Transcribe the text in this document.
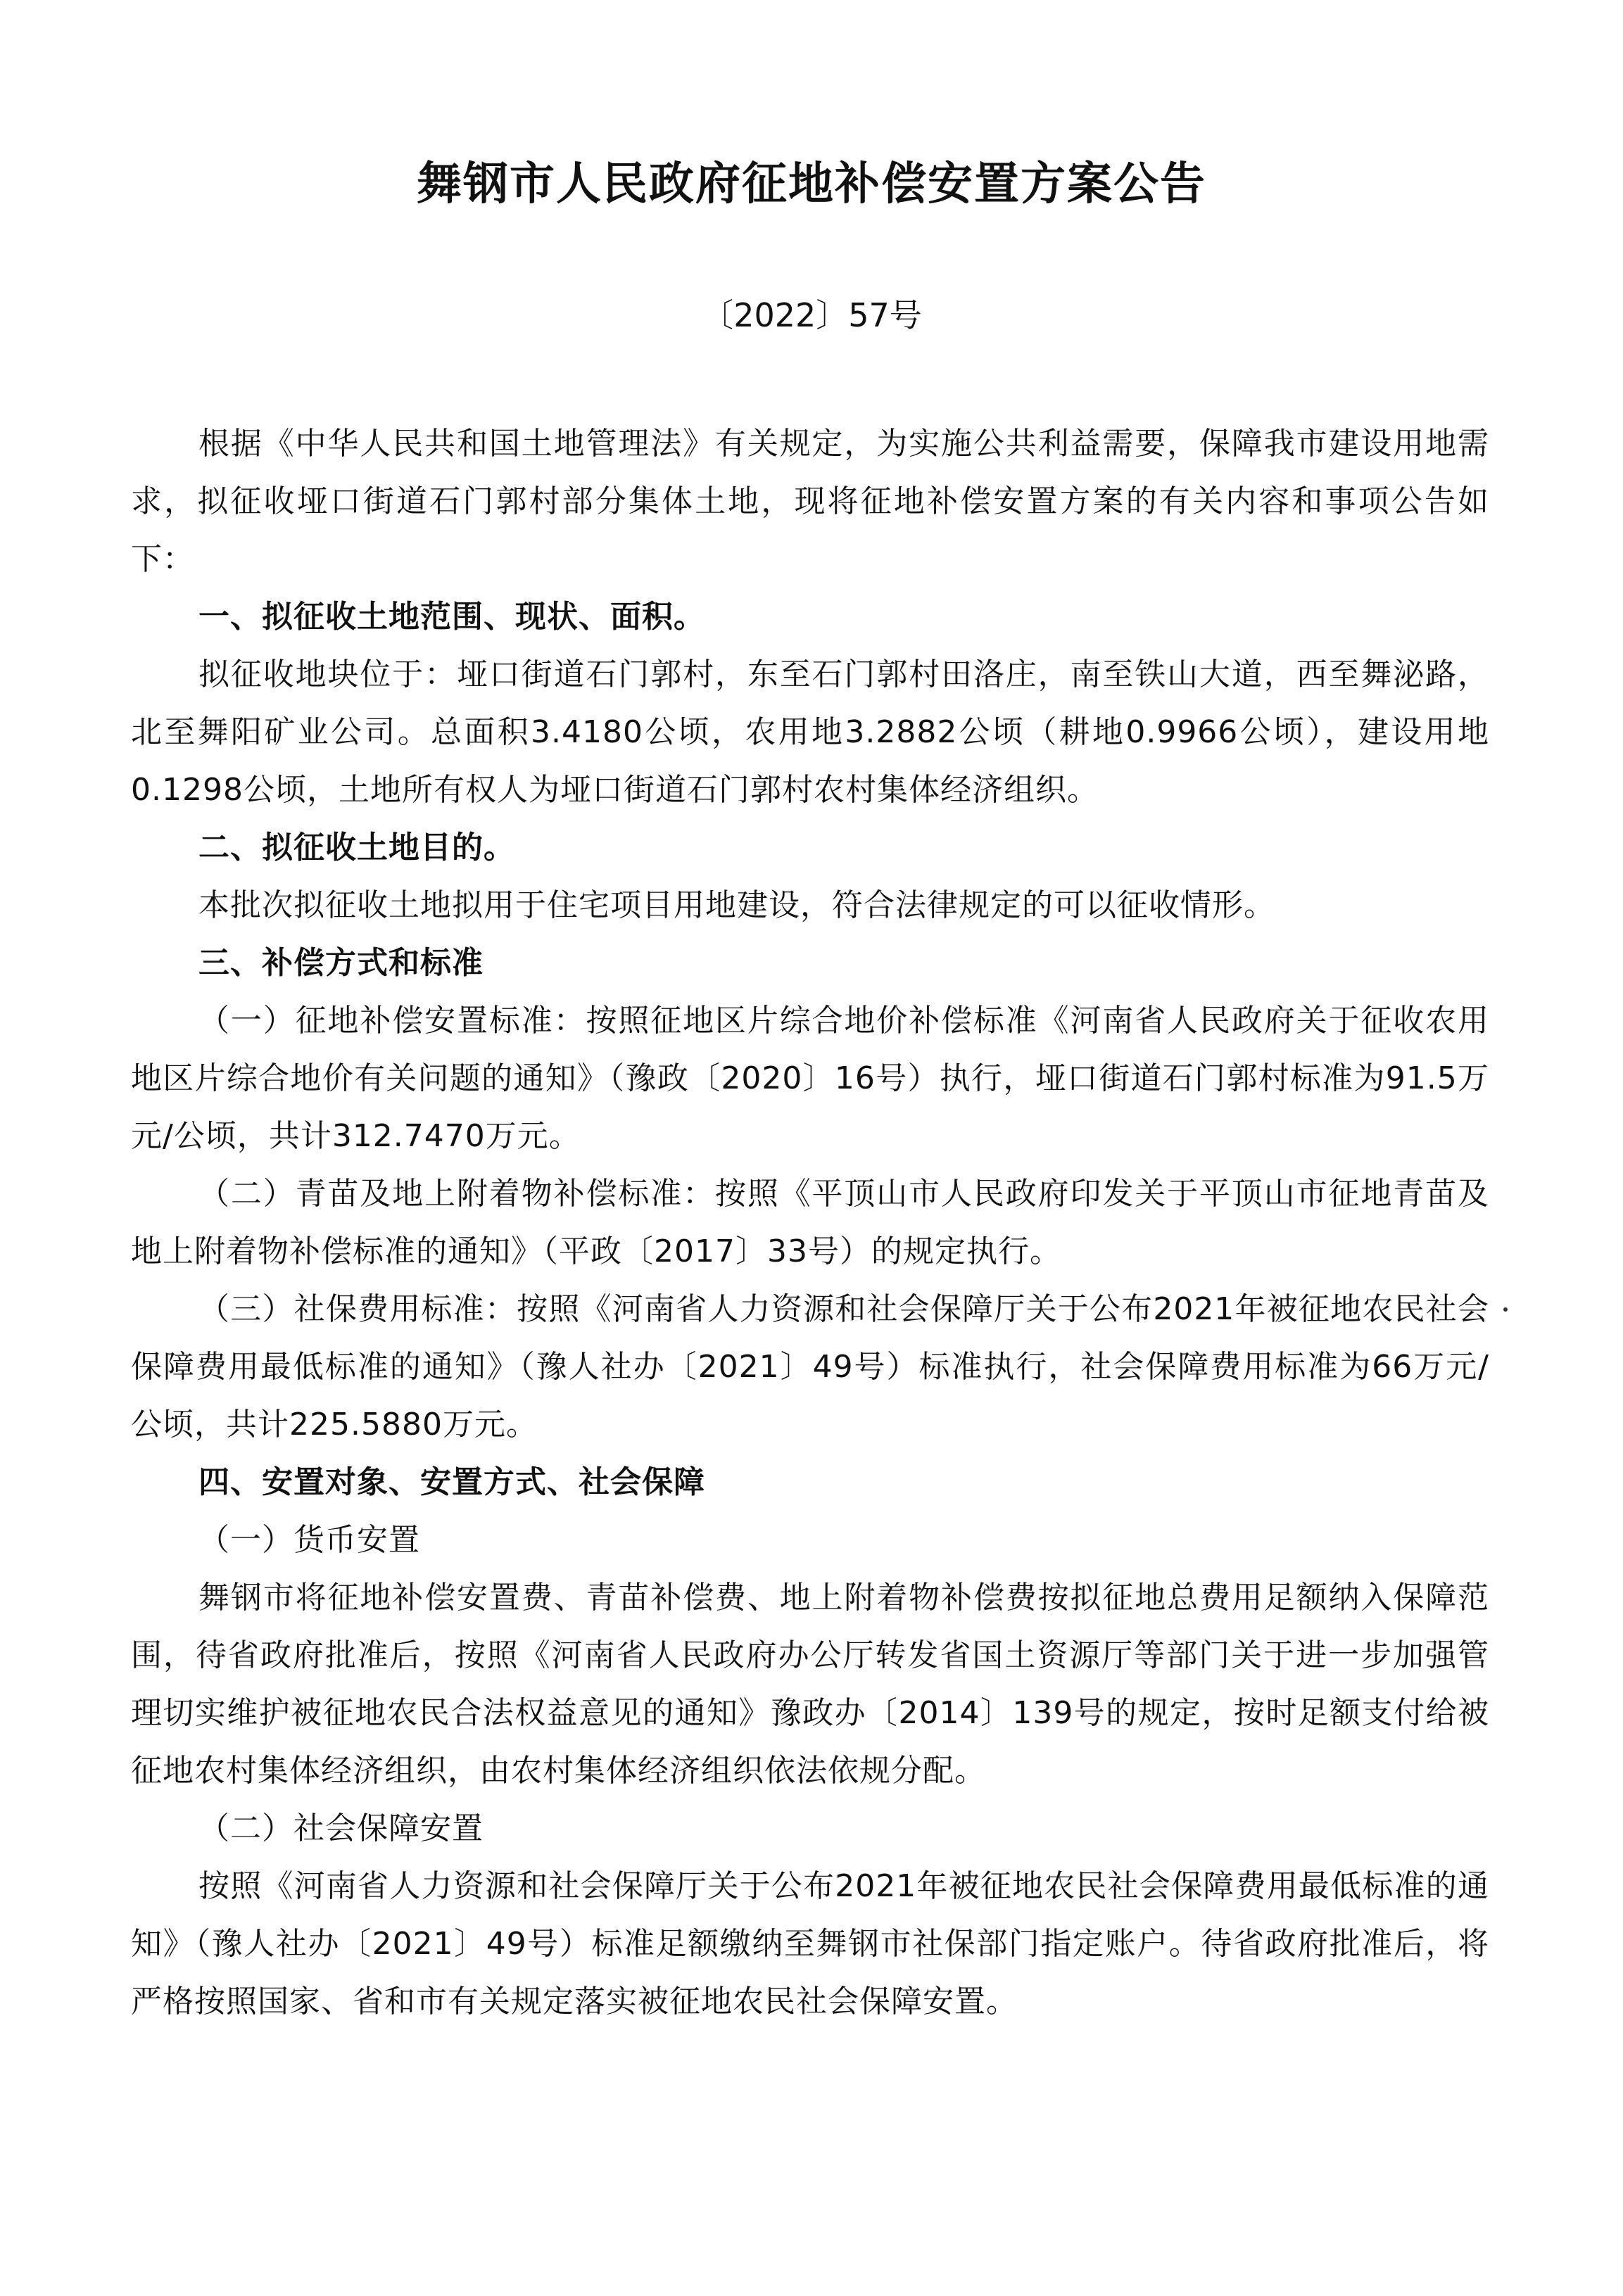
舞钢市人民政府征地补偿安置方案公告
〔2022〕57号

根据《中华人民共和国土地管理法》有关规定，为实施公共利益需要，保障我市建设用地需求，拟征收垭口街道石门郭村部分集体土地，现将征地补偿安置方案的有关内容和事项公告如下：

一、拟征收土地范围、现状、面积。

拟征收地块位于：垭口街道石门郭村，东至石门郭村田洛庄，南至铁山大道，西至舞泌路，北至舞阳矿业公司。总面积3.4180公顷，农用地3.2882公顷（耕地0.9966公顷），建设用地0.1298公顷，土地所有权人为垭口街道石门郭村农村集体经济组织。

二、拟征收土地目的。

本批次拟征收土地拟用于住宅项目用地建设，符合法律规定的可以征收情形。

三、补偿方式和标准

（一）征地补偿安置标准：按照征地区片综合地价补偿标准《河南省人民政府关于征收农用地区片综合地价有关问题的通知》（豫政〔2020〕16号）执行，垭口街道石门郭村标准为91.5万元/公顷，共计312.7470万元。

（二）青苗及地上附着物补偿标准：按照《平顶山市人民政府印发关于平顶山市征地青苗及地上附着物补偿标准的通知》（平政〔2017〕33号）的规定执行。

（三）社保费用标准：按照《河南省人力资源和社会保障厅关于公布2021年被征地农民社会保障费用最低标准的通知》（豫人社办〔2021〕49号）标准执行，社会保障费用标准为66万元/公顷，共计225.5880万元。

四、安置对象、安置方式、社会保障

（一）货币安置

舞钢市将征地补偿安置费、青苗补偿费、地上附着物补偿费按拟征地总费用足额纳入保障范围，待省政府批准后，按照《河南省人民政府办公厅转发省国土资源厅等部门关于进一步加强管理切实维护被征地农民合法权益意见的通知》豫政办〔2014〕139号的规定，按时足额支付给被征地农村集体经济组织，由农村集体经济组织依法依规分配。

（二）社会保障安置

按照《河南省人力资源和社会保障厅关于公布2021年被征地农民社会保障费用最低标准的通知》（豫人社办〔2021〕49号）标准足额缴纳至舞钢市社保部门指定账户。待省政府批准后，将严格按照国家、省和市有关规定落实被征地农民社会保障安置。
